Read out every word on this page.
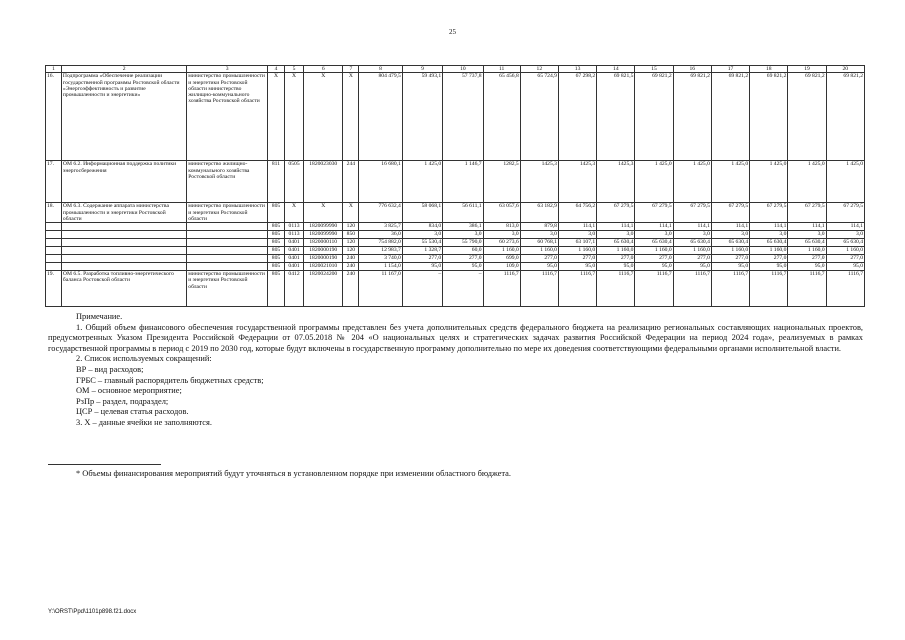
25
1	2	3	4	5	6	7	8	9	10	11	12	13	14	15	16	17	18	19	20
16.	Подпрограмма «Обеспечение реализации государственной программы Ростовской области «Энергоэффективность и развитие промышленности и энергетики»	министерство промышленности и энергетики Ростовской области министерство жилищно-коммунального хозяйства Ростовской области	X	X	X	X	804 479,5	59 493,1	57 737,8	65 456,8	65 724,9	67 298,2	69 821,5	69 821,2	69 821,2	69 821,2	69 821,2	69 821,2	69 821,2
17.	ОМ 6.2. Информационная поддержка политики энергосбережения	министерство жилищно-коммунального хозяйства Ростовской области	811	0505	1820023030	244	16 680,1	1 425,0	1 146,7	1282,5	1425,3	1425,3	1425,3	1 425,0	1 425,0	1 425,0	1 425,0	1 425,0	1 425,0
18.	ОМ 6.3. Содержание аппарата министерства промышленности и энергетики Ростовской области	министерство промышленности и энергетики Ростовской области	805	X	X	X	776 632,4	58 068,1	56 611,1	63 057,6	63 182,9	64 756,2	67 279,5	67 279,5	67 279,5	67 279,5	67 279,5	67 279,5	67 279,5
			805	0113	1820099990	120	3 825,7	834,0	386,1	813,0	879,8	114,1	114,1	114,1	114,1	114,1	114,1	114,1	114,1
			805	0113	1820099990	850	36,0	3,0	3,0	3,0	3,0	3,0	3,0	3,0	3,0	3,0	3,0	3,0	3,0
			805	0401	1820000110	120	754 882,0	55 530,4	55 790,0	60 273,6	60 768,1	63 107,1	65 630,4	65 630,4	65 630,4	65 630,4	65 630,4	65 630,4	65 630,4
			805	0401	1820000190	120	12 983,7	1 328,7	60,0	1 160,0	1 160,0	1 160,0	1 160,0	1 160,0	1 160,0	1 160,0	1 160,0	1 160,0	1 160,0
			805	0401	1820000190	240	3 740,0	277,0	277,0	699,0	277,0	277,0	277,0	277,0	277,0	277,0	277,0	277,0	277,0
			805	0401	1820021010	240	1 154,0	95,0	95,0	109,0	95,0	95,0	95,0	95,0	95,0	95,0	95,0	95,0	95,0
19.	ОМ 6.5. Разработка топливно-энергетического баланса Ростовской области	министерство промышленности и энергетики Ростовской области	805	0412	1820024200	240	11 167,0	–	–	1116,7	1116,7	1116,7	1116,7	1116,7	1116,7	1116,7	1116,7	1116,7	1116,7

Примечание.

1. Общий объем финансового обеспечения государственной программы представлен без учета дополнительных средств федерального бюджета на реализацию региональных составляющих национальных проектов, предусмотренных Указом Президента Российской Федерации от 07.05.2018 № 204 «О национальных целях и стратегических задачах развития Российской Федерации на период 2024 года», реализуемых в рамках государственной программы в период с 2019 по 2030 год, которые будут включены в государственную программу дополнительно по мере их доведения соответствующими федеральными органами исполнительной власти.

2. Список используемых сокращений:

ВР – вид расходов;

ГРБС – главный распорядитель бюджетных средств;

ОМ – основное мероприятие;

РзПр – раздел, подраздел;

ЦСР – целевая статья расходов.

3. X – данные ячейки не заполняются.

* Объемы финансирования мероприятий будут уточняться в установленном порядке при изменении областного бюджета.
Y:\ORST\Ppd\1101p898.f21.docx
